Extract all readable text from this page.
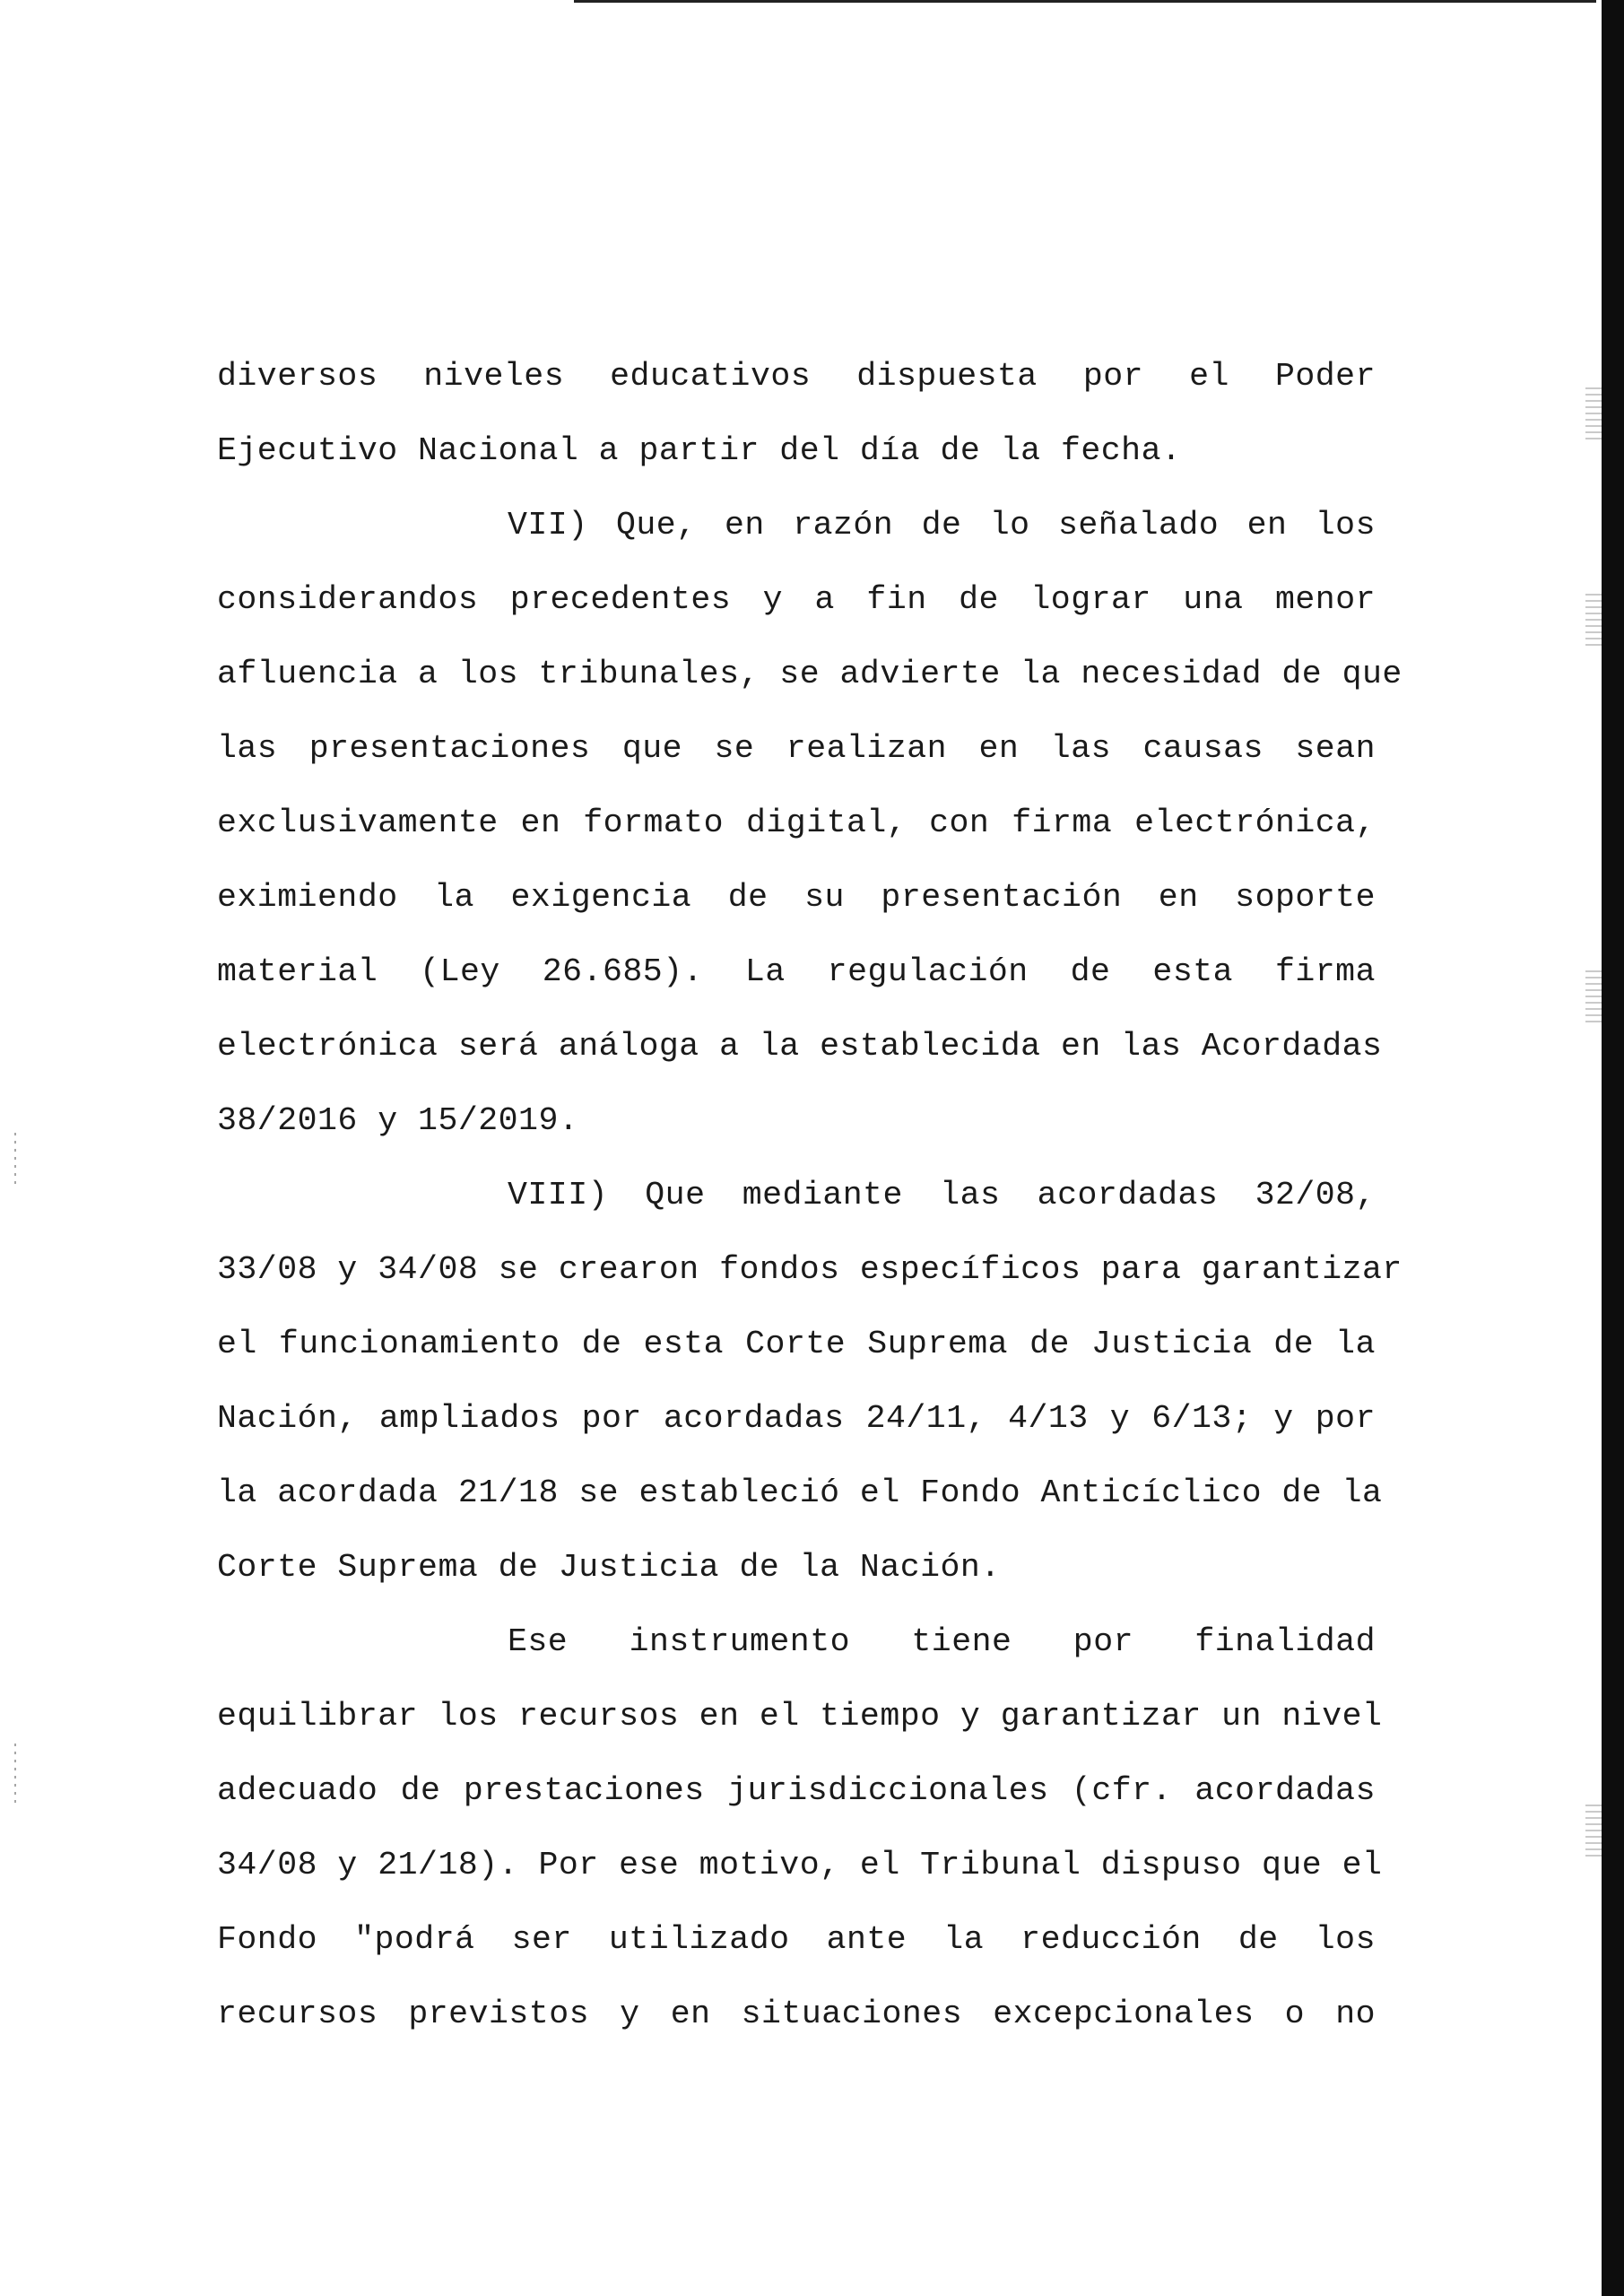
diversos niveles educativos dispuesta por el Poder
Ejecutivo Nacional a partir del día de la fecha.
VII) Que, en razón de lo señalado en los
considerandos precedentes y a fin de lograr una menor
afluencia a los tribunales, se advierte la necesidad de que
las presentaciones que se realizan en las causas sean
exclusivamente en formato digital, con firma electrónica,
eximiendo la exigencia de su presentación en soporte
material (Ley 26.685). La regulación de esta firma
electrónica será análoga a la establecida en las Acordadas
38/2016 y 15/2019.
VIII) Que mediante las acordadas 32/08,
33/08 y 34/08 se crearon fondos específicos para garantizar
el funcionamiento de esta Corte Suprema de Justicia de la
Nación, ampliados por acordadas 24/11, 4/13 y 6/13; y por
la acordada 21/18 se estableció el Fondo Anticíclico de la
Corte Suprema de Justicia de la Nación.
Ese instrumento tiene por finalidad
equilibrar los recursos en el tiempo y garantizar un nivel
adecuado de prestaciones jurisdiccionales (cfr. acordadas
34/08 y 21/18). Por ese motivo, el Tribunal dispuso que el
Fondo "podrá ser utilizado ante la reducción de los
recursos previstos y en situaciones excepcionales o no
